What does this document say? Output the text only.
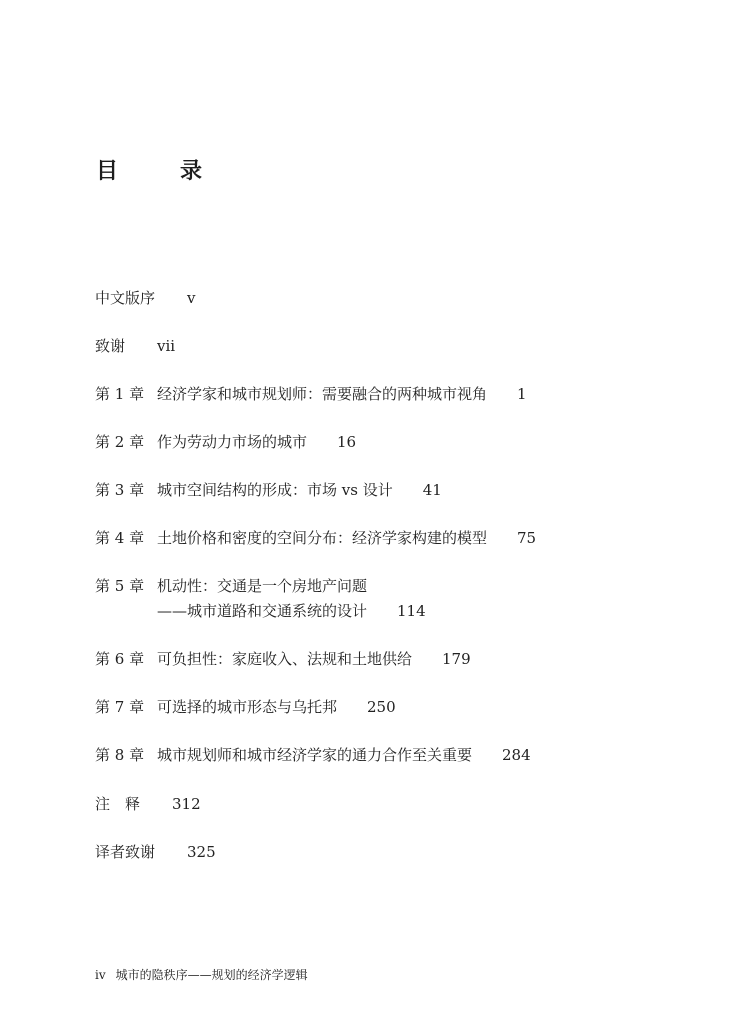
目　录
中文版序 v
致谢 vii
第 1 章 经济学家和城市规划师：需要融合的两种城市视角 1
第 2 章 作为劳动力市场的城市 16
第 3 章 城市空间结构的形成：市场 vs 设计 41
第 4 章 土地价格和密度的空间分布：经济学家构建的模型 75
第 5 章 机动性：交通是一个房地产问题
——城市道路和交通系统的设计 114
第 6 章 可负担性：家庭收入、法规和土地供给 179
第 7 章 可选择的城市形态与乌托邦 250
第 8 章 城市规划师和城市经济学家的通力合作至关重要 284
注　释 312
译者致谢 325
iv 城市的隐秩序——规划的经济学逻辑
